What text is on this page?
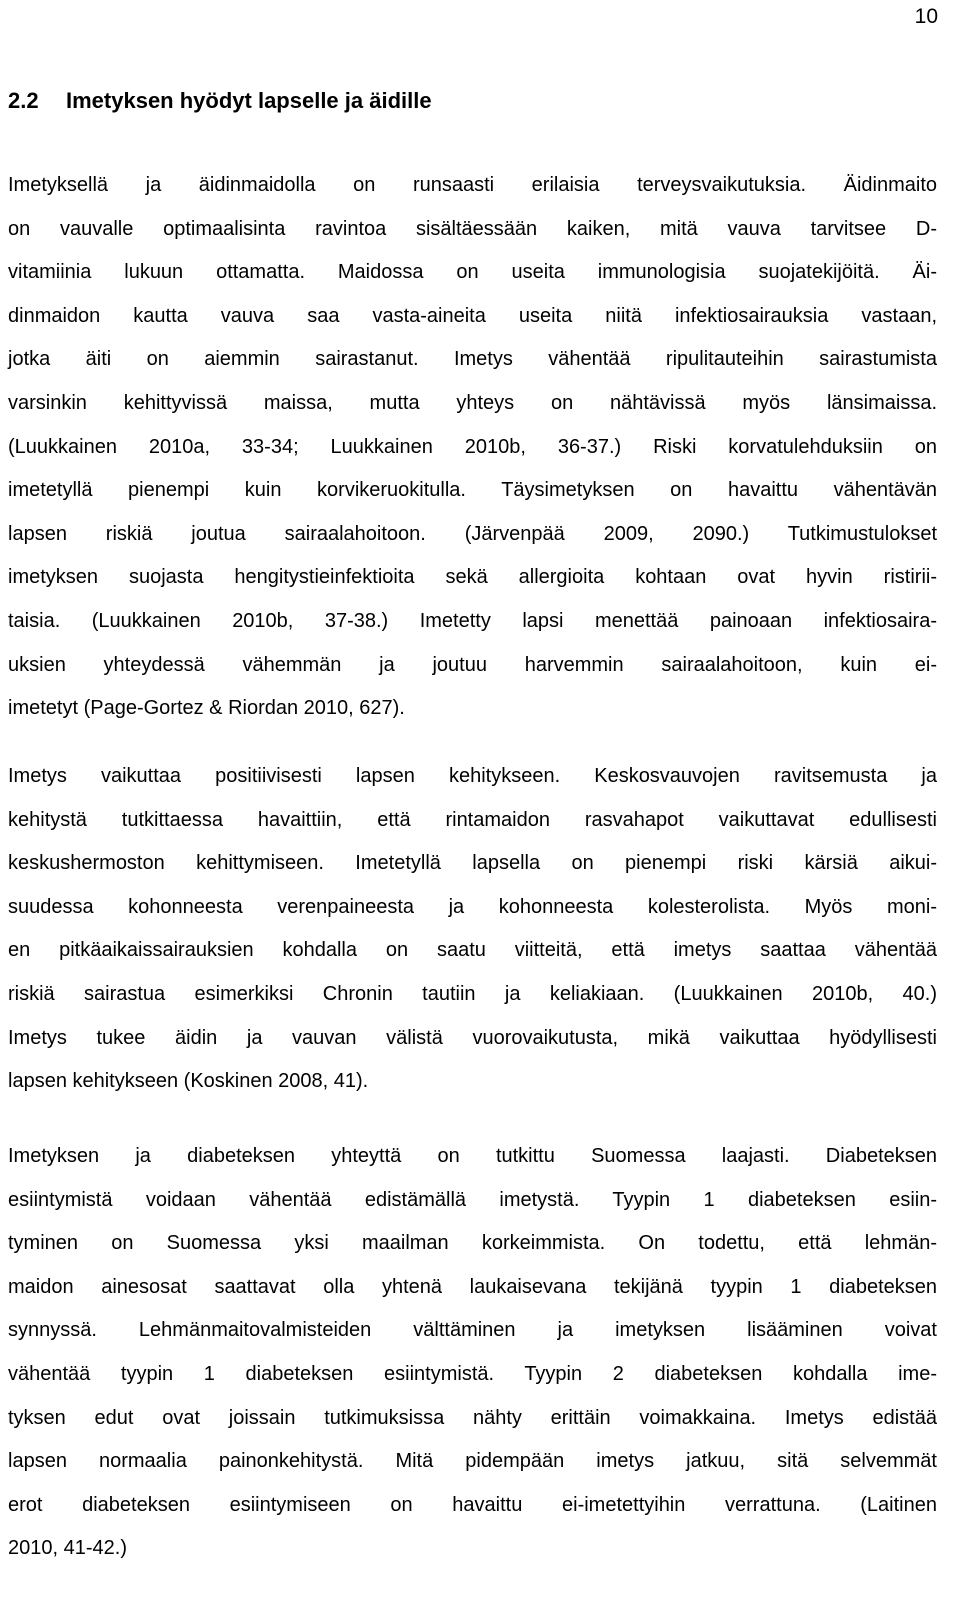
10
2.2 Imetyksen hyödyt lapselle ja äidille
Imetyksellä ja äidinmaidolla on runsaasti erilaisia terveysvaikutuksia. Äidinmaito
on vauvalle optimaalisinta ravintoa sisältäessään kaiken, mitä vauva tarvitsee D-
vitamiinia lukuun ottamatta. Maidossa on useita immunologisia suojatekijöitä. Äi-
dinmaidon kautta vauva saa vasta-aineita useita niitä infektiosairauksia vastaan,
jotka äiti on aiemmin sairastanut. Imetys vähentää ripulitauteihin sairastumista
varsinkin kehittyvissä maissa, mutta yhteys on nähtävissä myös länsimaissa.
(Luukkainen 2010a, 33-34; Luukkainen 2010b, 36-37.) Riski korvatulehduksiin on
imetetyllä pienempi kuin korvikeruokitulla. Täysimetyksen on havaittu vähentävän
lapsen riskiä joutua sairaalahoitoon. (Järvenpää 2009, 2090.) Tutkimustulokset
imetyksen suojasta hengitystieinfektioita sekä allergioita kohtaan ovat hyvin ristirii-
taisia. (Luukkainen 2010b, 37-38.) Imetetty lapsi menettää painoaan infektiosaira-
uksien yhteydessä vähemmän ja joutuu harvemmin sairaalahoitoon, kuin ei-
imetetyt (Page-Gortez & Riordan 2010, 627).
Imetys vaikuttaa positiivisesti lapsen kehitykseen. Keskosvauvojen ravitsemusta ja
kehitystä tutkittaessa havaittiin, että rintamaidon rasvahapot vaikuttavat edullisesti
keskushermoston kehittymiseen. Imetetyllä lapsella on pienempi riski kärsiä aikui-
suudessa kohonneesta verenpaineesta ja kohonneesta kolesterolista. Myös moni-
en pitkäaikaissairauksien kohdalla on saatu viitteitä, että imetys saattaa vähentää
riskiä sairastua esimerkiksi Chronin tautiin ja keliakiaan. (Luukkainen 2010b, 40.)
Imetys tukee äidin ja vauvan välistä vuorovaikutusta, mikä vaikuttaa hyödyllisesti
lapsen kehitykseen (Koskinen 2008, 41).
Imetyksen ja diabeteksen yhteyttä on tutkittu Suomessa laajasti. Diabeteksen
esiintymistä voidaan vähentää edistämällä imetystä. Tyypin 1 diabeteksen esiin-
tyminen on Suomessa yksi maailman korkeimmista. On todettu, että lehmän-
maidon ainesosat saattavat olla yhtenä laukaisevana tekijänä tyypin 1 diabeteksen
synnyssä. Lehmänmaitovalmisteiden välttäminen ja imetyksen lisääminen voivat
vähentää tyypin 1 diabeteksen esiintymistä. Tyypin 2 diabeteksen kohdalla ime-
tyksen edut ovat joissain tutkimuksissa nähty erittäin voimakkaina. Imetys edistää
lapsen normaalia painonkehitystä. Mitä pidempään imetys jatkuu, sitä selvemmät
erot diabeteksen esiintymiseen on havaittu ei-imetettyihin verrattuna. (Laitinen
2010, 41-42.)
